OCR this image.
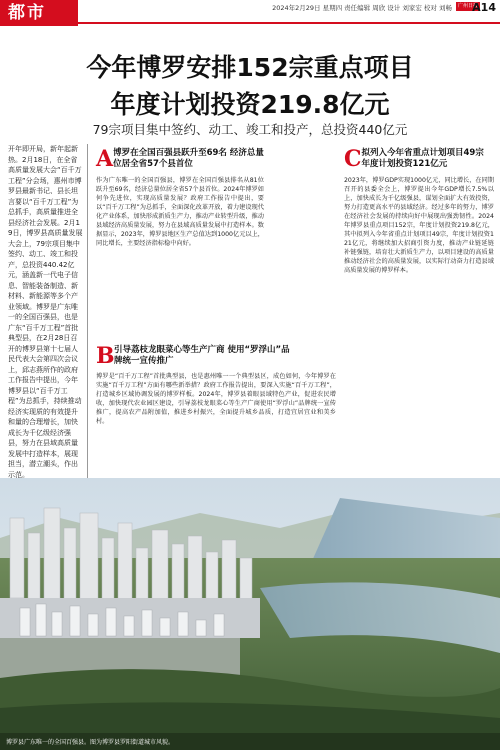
都市	2024年2月29日 星期四 责任编辑 周欣 设计 刘家宏 校对 刘畅	广州日报
A14
今年博罗安排152宗重点项目
年度计划投资219.8亿元
79宗项目集中签约、动工、竣工和投产，总投资440亿元
开年即开局，新年起新热。2月18日，在全省高质量发展大会“百千万工程”分会场，惠州市博罗县最新书记、县长坦言要以“百千万工程”为总抓手，高质量推进全县经济社会发展。2月19日，博罗县高质量发展大会上，79宗项目集中签约、动工、竣工和投产，总投资440.42亿元，涵盖新一代电子信息、智能装备制造、新材料、新能源等多个产业领域。博罗是广东唯一的全国百强县，也是广东“百千万工程”首批典型县，在2月28日召开的博罗县第十七届人民代表大会第四次会议上，邱志燕所作的政府工作报告中提出，今年博罗县以“百千万工程”为总抓手，持续推动经济实现质的有效提升和量的合理增长，加快成长为千亿级经济强县，努力在县域高质量发展中打造样本，展现担当，潜立潮头，作出示范。

A 博罗在全国百强县跃升至69名 经济总量位居全省57个县首位
作为广东唯一的全国百强县，博罗在全国百强县排名从81位跃升至69名，经济总量位居全省57个县首位。2024年博罗如何争先进位，实现高质量发展？政府工作报告中提出，要以“百千万工程”为总抓手，全面深化改革开放，着力建设现代化产业体系，加快形成新质生产力，推动产业转型升级，推动县域经济高质量发展，努力在县域高质量发展中打造样本。数据显示，2023年，博罗县地区生产总值达到1000亿元以上，同比增长，主要经济指标稳中向好。
B 引导荔枝龙眼菜心等生产广商 使用“罗浮山”品牌统一宣传推广
博罗是“百千万工程”首批典型县，也是惠州唯一一个典型县区，成色如何，今年博罗在实施“百千万工程”方面有哪些新举措？政府工作报告提出，要深入实施“百千万工程”，打造城乡区域协调发展的博罗样板。2024年，博罗县着眼县域特色产业，促进农民增收，加快现代农业园区建设，引导荔枝龙眼菜心等生产广商使用“罗浮山”品牌统一宣传推广，提高农产品附加值，推进乡村振兴，全面提升城乡品质，打造宜居宜业和美乡村。
C 拟列入今年省重点计划项目49宗 年度计划投资121亿元
2023年，博罗GDP实现1000亿元，同比增长，在同期召开的县委全会上，博罗提出今年GDP增长7.5%以上，加快成长为千亿级强县，谋划全面扩大有效投资，努力打造更高水平的县域经济。经过多年的努力，博罗在经济社会发展的持续向好中展现出强劲韧性。2024年博罗县重点项目152宗，年度计划投资219.8亿元，其中拟列入今年省重点计划项目49宗，年度计划投资121亿元，将继续加大招商引资力度，推动产业链延链补链强链，培育壮大新质生产力，以项目建设的高质量推动经济社会的高质量发展，以实际行动奋力打造县域高质量发展的博罗样本。
博罗县广东唯一的全国百强县。图为博罗县罗阳街道城市风貌。
